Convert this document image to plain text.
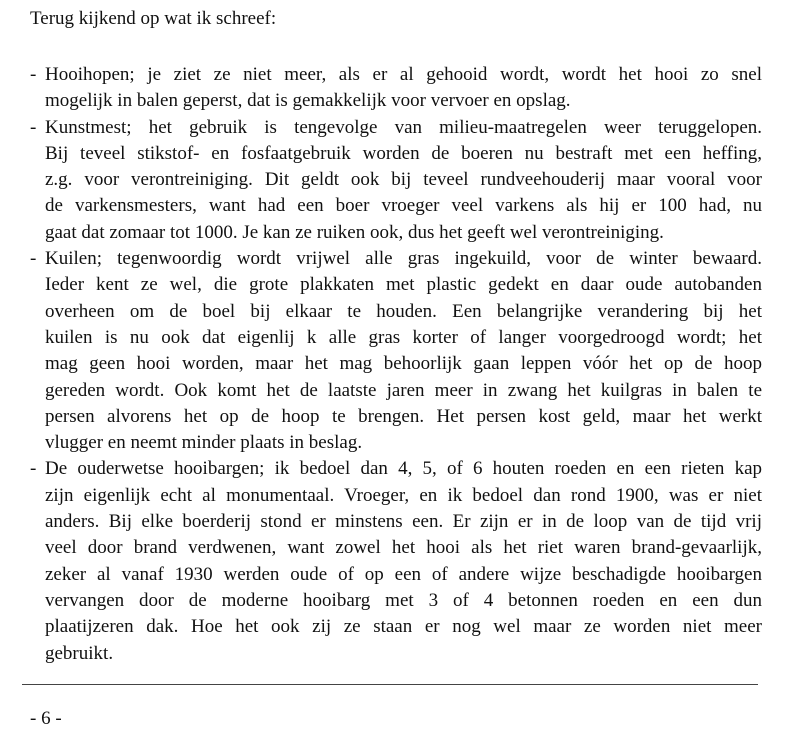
Terug kijkend op wat ik schreef:
- Hooihopen; je ziet ze niet meer, als er al gehooid wordt, wordt het hooi zo snel
mogelijk in balen geperst, dat is gemakkelijk voor vervoer en opslag.
- Kunstmest; het gebruik is tengevolge van milieu-maatregelen weer teruggelopen.
Bij teveel stikstof- en fosfaatgebruik worden de boeren nu bestraft met een heffing,
z.g. voor verontreiniging. Dit geldt ook bij teveel rundveehouderij maar vooral voor
de varkensmesters, want had een boer vroeger veel varkens als hij er 100 had, nu
gaat dat zomaar tot 1000. Je kan ze ruiken ook, dus het geeft wel verontreiniging.
- Kuilen; tegenwoordig wordt vrijwel alle gras ingekuild, voor de winter bewaard.
Ieder kent ze wel, die grote plakkaten met plastic gedekt en daar oude autobanden
overheen om de boel bij elkaar te houden. Een belangrijke verandering bij het
kuilen is nu ook dat eigenlij k alle gras korter of langer voorgedroogd wordt; het
mag geen hooi worden, maar het mag behoorlijk gaan leppen vóór het op de hoop
gereden wordt. Ook komt het de laatste jaren meer in zwang het kuilgras in balen te
persen alvorens het op de hoop te brengen. Het persen kost geld, maar het werkt
vlugger en neemt minder plaats in beslag.
- De ouderwetse hooibargen; ik bedoel dan 4, 5, of 6 houten roeden en een rieten kap
zijn eigenlijk echt al monumentaal. Vroeger, en ik bedoel dan rond 1900, was er niet
anders. Bij elke boerderij stond er minstens een. Er zijn er in de loop van de tijd vrij
veel door brand verdwenen, want zowel het hooi als het riet waren brand-gevaarlijk,
zeker al vanaf 1930 werden oude of op een of andere wijze beschadigde hooibargen
vervangen door de moderne hooibarg met 3 of 4 betonnen roeden en een dun
plaatijzeren dak. Hoe het ook zij ze staan er nog wel maar ze worden niet meer
gebruikt.
- 6 -
